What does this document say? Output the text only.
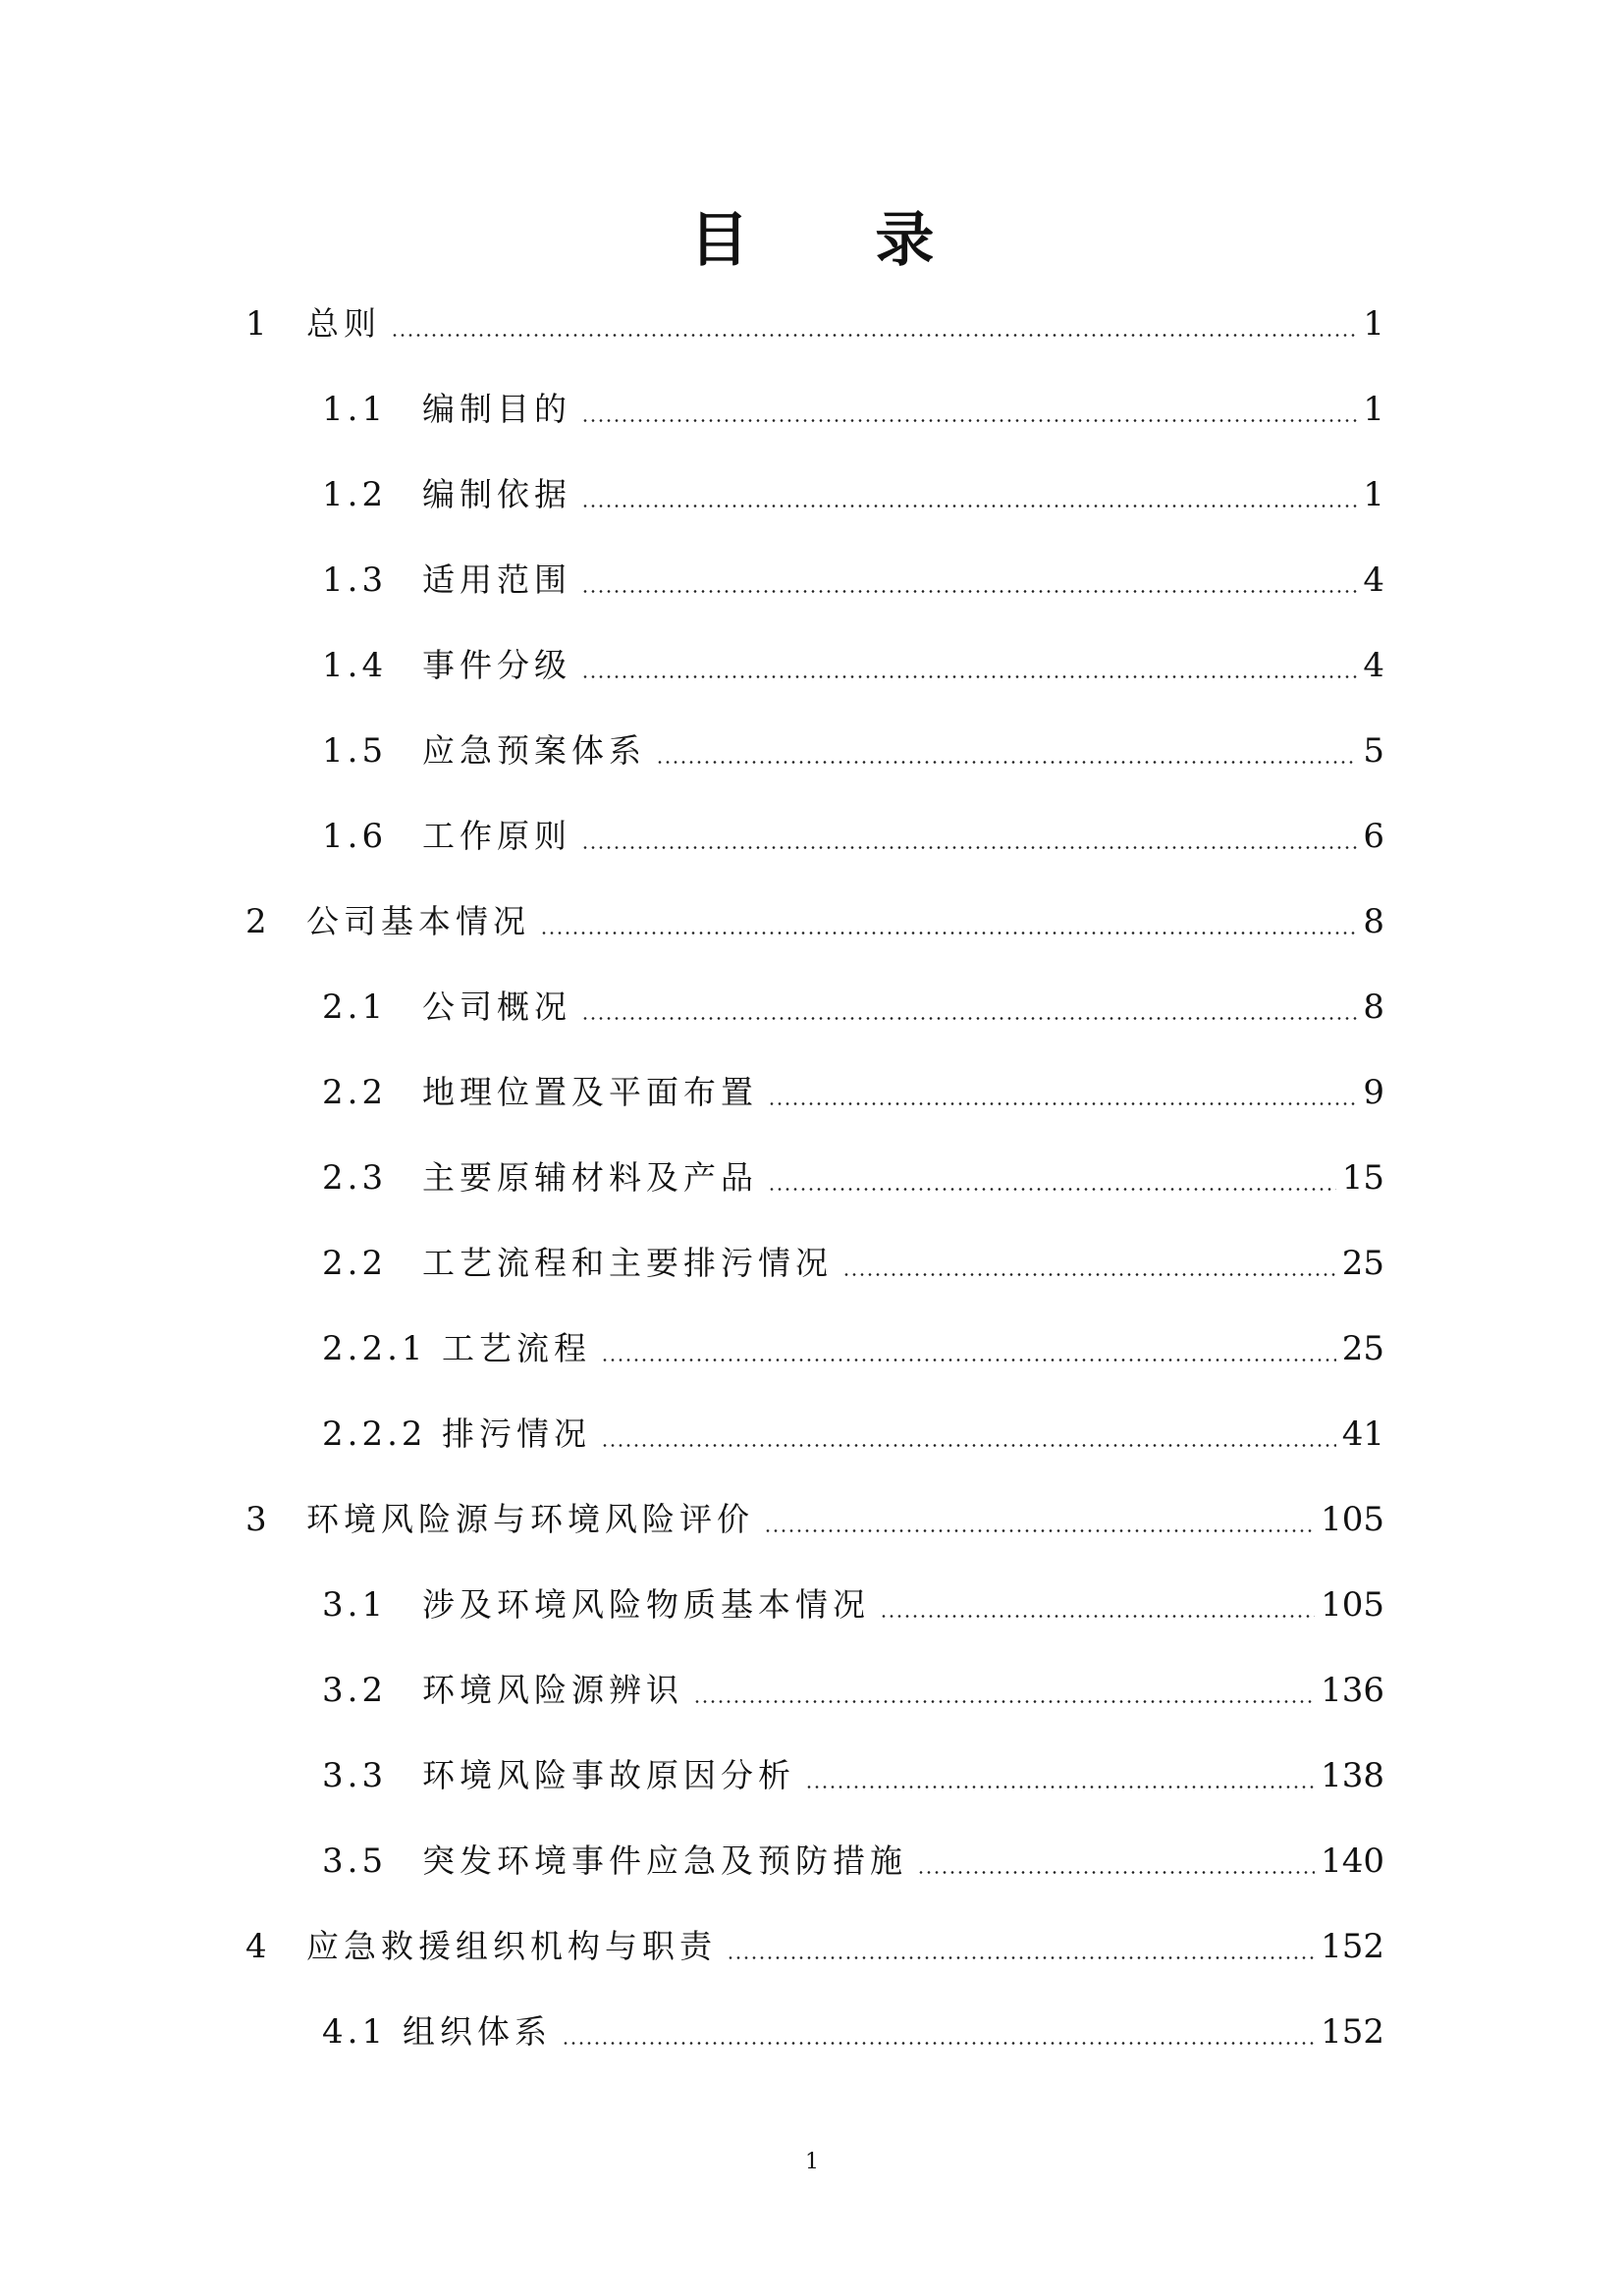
目 录
1	总则	1
1.1	编制目的	1
1.2	编制依据	1
1.3	适用范围	4
1.4	事件分级	4
1.5	应急预案体系	5
1.6	工作原则	6
2	公司基本情况	8
2.1	公司概况	8
2.2	地理位置及平面布置	9
2.3	主要原辅材料及产品	15
2.2	工艺流程和主要排污情况	25
2.2.1 工艺流程	25
2.2.2 排污情况	41
3	环境风险源与环境风险评价	105
3.1	涉及环境风险物质基本情况	105
3.2	环境风险源辨识	136
3.3	环境风险事故原因分析	138
3.5	突发环境事件应急及预防措施	140
4	应急救援组织机构与职责	152
4.1 组织体系	152
1
